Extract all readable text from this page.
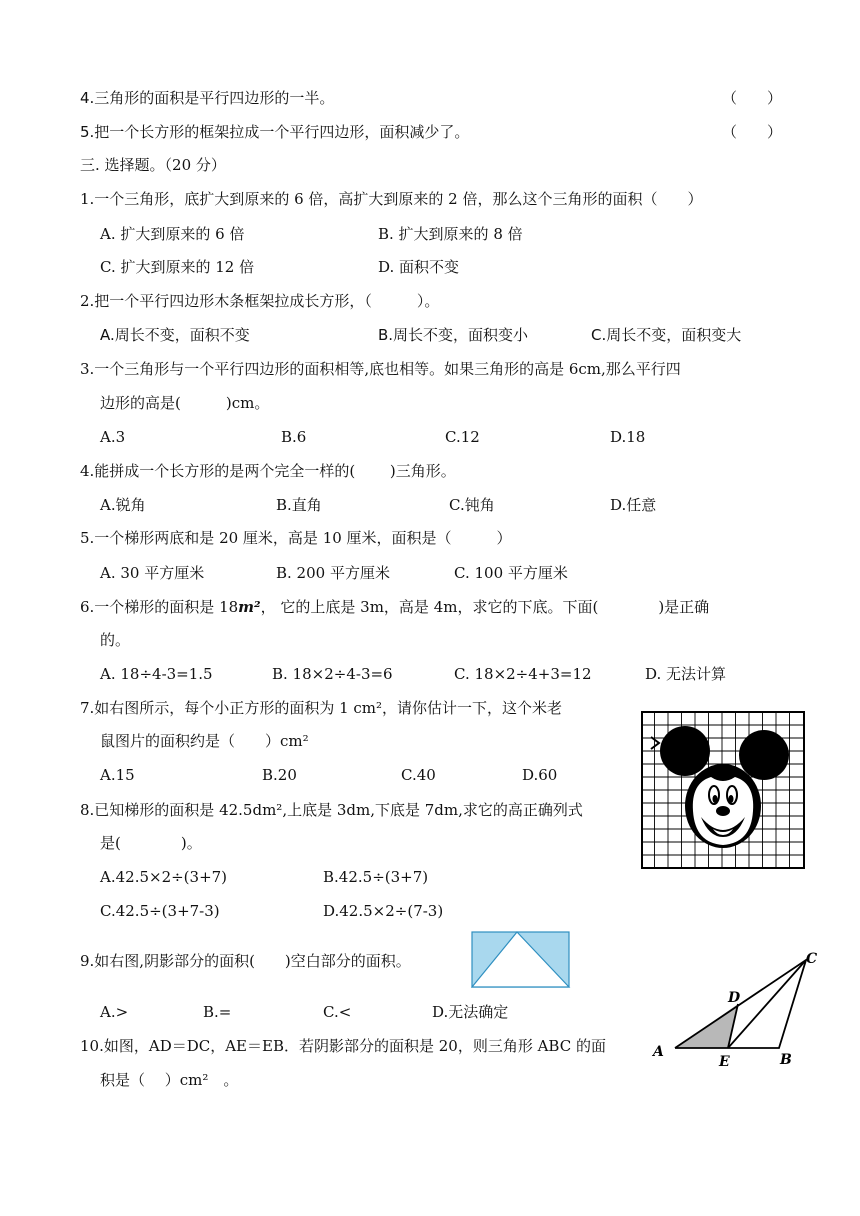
4.三角形的面积是平行四边形的一半。	（　　）
5.把一个长方形的框架拉成一个平行四边形，面积减少了。	（　　）
三. 选择题。（20 分）
1.一个三角形，底扩大到原来的 6 倍，高扩大到原来的 2 倍，那么这个三角形的面积（　　）
A. 扩大到原来的 6 倍	B. 扩大到原来的 8 倍
C. 扩大到原来的 12 倍	D. 面积不变
2.把一个平行四边形木条框架拉成长方形，（　　　）。
A.周长不变，面积不变	B.周长不变，面积变小	C.周长不变，面积变大
3.一个三角形与一个平行四边形的面积相等,底也相等。如果三角形的高是 6cm,那么平行四
边形的高是(　　　)cm。
A.3	B.6	C.12	D.18
4.能拼成一个长方形的是两个完全一样的(　　 )三角形。
A.锐角	B.直角	C.钝角	D.任意
5.一个梯形两底和是 20 厘米，高是 10 厘米，面积是（　　　）
A. 30 平方厘米	B. 200 平方厘米	C. 100 平方厘米
6.一个梯形的面积是 18m²， 它的上底是 3m，高是 4m，求它的下底。下面(　　　　)是正确
的。
A. 18÷4-3=1.5	B. 18×2÷4-3=6	C. 18×2÷4+3=12	D. 无法计算
7.如右图所示，每个小正方形的面积为 1 cm²，请你估计一下，这个米老
鼠图片的面积约是（　　）cm²
A.15	B.20	C.40	D.60
8.已知梯形的面积是 42.5dm²,上底是 3dm,下底是 7dm,求它的高正确列式
是(　　　　)。
A.42.5×2÷(3+7)	B.42.5÷(3+7)
C.42.5÷(3+7-3)	D.42.5×2÷(7-3)
9.如右图,阴影部分的面积(　　)空白部分的面积。
A.>	B.=	C.<	D.无法确定
A	B
C
D
E
10.如图，AD＝DC，AE＝EB．若阴影部分的面积是 20，则三角形 ABC 的面
积是（　 ）cm²　。
